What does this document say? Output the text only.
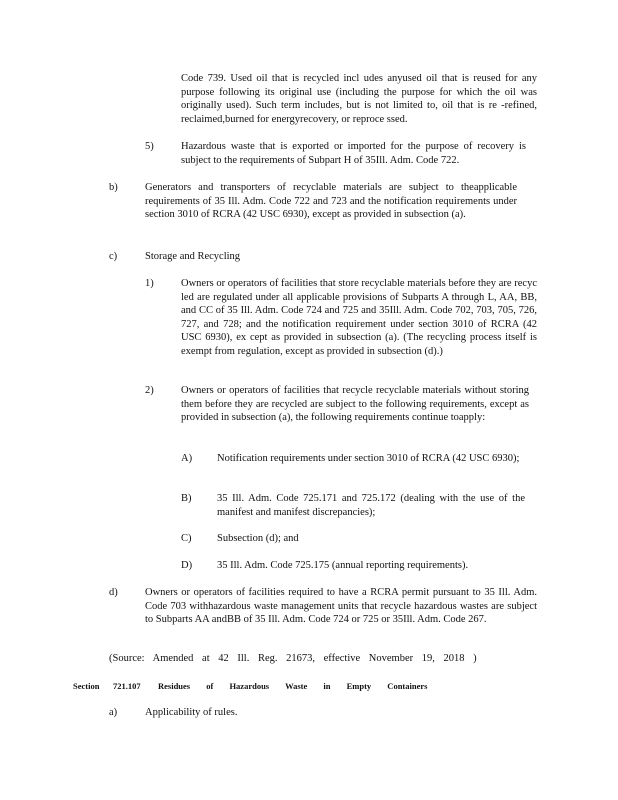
Code 739. Used oil that is recycled incl udes anyused oil that is reused for any purpose following its original use (including the purpose for which the oil was originally used). Such term includes, but is not limited to, oil that is re -refined, reclaimed,burned for energyrecovery, or reproce ssed.
5)	Hazardous waste that is exported or imported for the purpose of recovery is subject to the requirements of Subpart H of 35Ill. Adm. Code 722.
b)	Generators and transporters of recyclable materials are subject to theapplicable requirements of 35 Ill. Adm. Code 722 and 723 and the notification requirements under section 3010 of RCRA (42 USC 6930), except as provided in subsection (a).
c)	Storage and Recycling
1)	Owners or operators of facilities that store recyclable materials before they are recyc led are regulated under all applicable provisions of Subparts A through L, AA, BB, and CC of 35 Ill. Adm. Code 724 and 725 and 35Ill. Adm. Code 702, 703, 705, 726, 727, and 728; and the notification requirement under section 3010 of RCRA (42 USC 6930), ex cept as provided in subsection (a). (The recycling process itself is exempt from regulation, except as provided in subsection (d).)
2)	Owners or operators of facilities that recycle recyclable materials without storing them before they are recycled are subject to the following requirements, except as provided in subsection (a), the following requirements continue toapply:
A) Notification requirements under section 3010 of RCRA (42 USC 6930);
B) 35 Ill. Adm. Code 725.171 and 725.172 (dealing with the use of the manifest and manifest discrepancies);
C) Subsection (d); and
D) 35 Ill. Adm. Code 725.175 (annual reporting requirements).
d)	Owners or operators of facilities required to have a RCRA permit pursuant to 35 Ill. Adm. Code 703 withhazardous waste management units that recycle hazardous wastes are subject to Subparts AA andBB of 35 Ill. Adm. Code 724 or 725 or 35Ill. Adm. Code 267.
(Source: Amended at 42 Ill. Reg. 21673, effective November 19, 2018 )
Section 721.107 Residues of Hazardous Waste in Empty Containers
a)	Applicability of rules.
